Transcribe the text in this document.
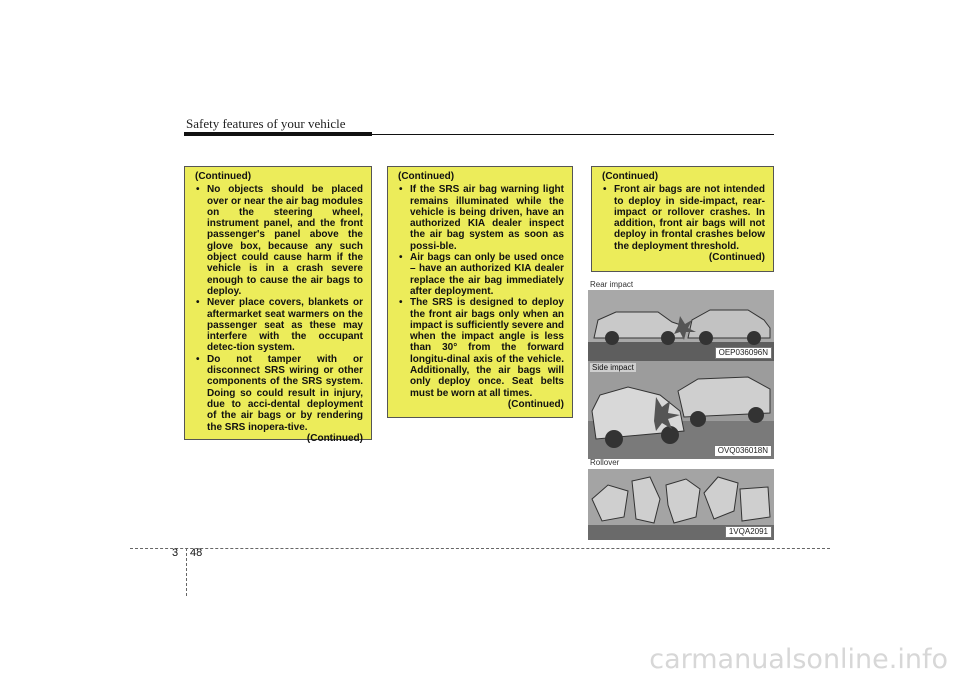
Safety features of your vehicle
(Continued)
• No objects should be placed over or near the air bag modules on the steering wheel, instrument panel, and the front passenger's panel above the glove box, because any such object could cause harm if the vehicle is in a crash severe enough to cause the air bags to deploy.
• Never place covers, blankets or aftermarket seat warmers on the passenger seat as these may interfere with the occupant detec-tion system.
• Do not tamper with or disconnect SRS wiring or other components of the SRS system. Doing so could result in injury, due to acci-dental deployment of the air bags or by rendering the SRS inopera-tive.
(Continued)
(Continued)
• If the SRS air bag warning light remains illuminated while the vehicle is being driven, have an authorized KIA dealer inspect the air bag system as soon as possi-ble.
• Air bags can only be used once – have an authorized KIA dealer replace the air bag immediately after deployment.
• The SRS is designed to deploy the front air bags only when an impact is sufficiently severe and when the impact angle is less than 30° from the forward longitu-dinal axis of the vehicle. Additionally, the air bags will only deploy once. Seat belts must be worn at all times.
(Continued)
(Continued)
• Front air bags are not intended to deploy in side-impact, rear-impact or rollover crashes. In addition, front air bags will not deploy in frontal crashes below the deployment threshold.
(Continued)
Rear impact
OEP036096N
Side impact
OVQ036018N
Rollover
1VQA2091
3 48
carmanualsonline.info
